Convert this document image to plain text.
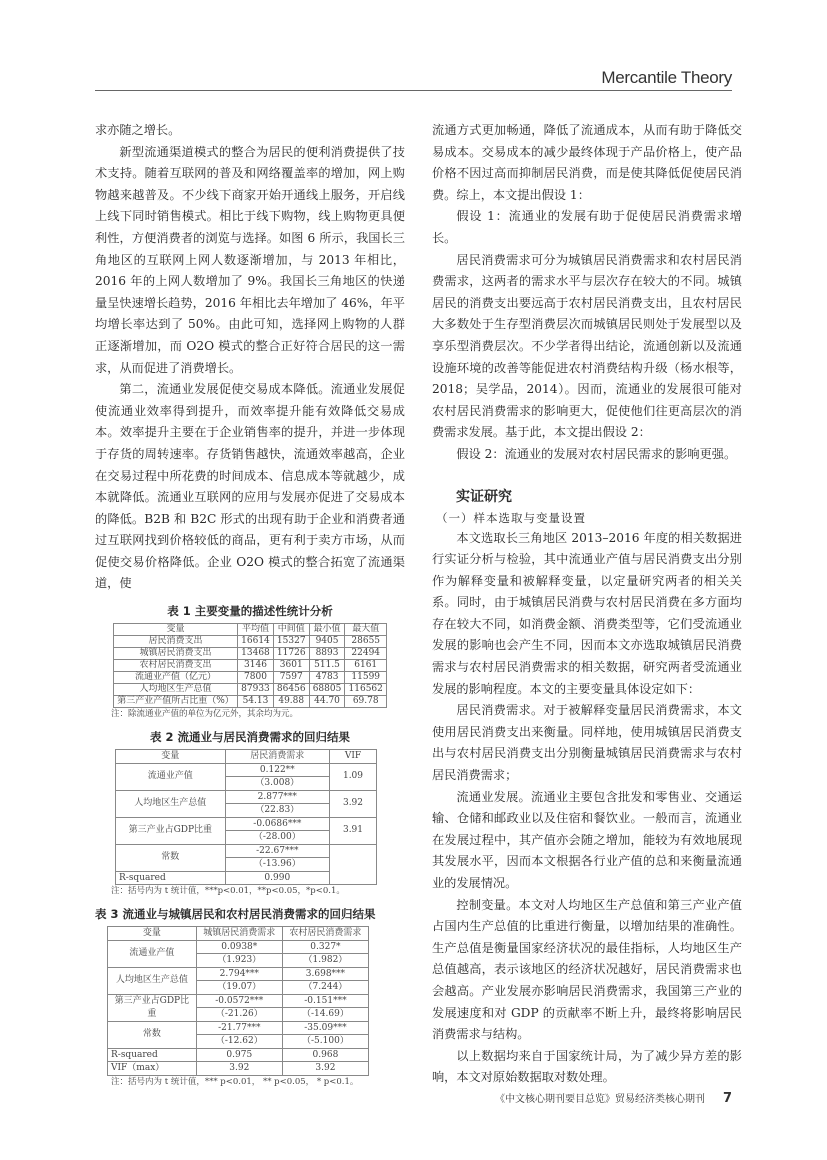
Mercantile Theory

求亦随之增长。

新型流通渠道模式的整合为居民的便利消费提供了技术支持。随着互联网的普及和网络覆盖率的增加，网上购物越来越普及。不少线下商家开始开通线上服务，开启线上线下同时销售模式。相比于线下购物，线上购物更具便利性，方便消费者的浏览与选择。如图 6 所示，我国长三角地区的互联网上网人数逐渐增加，与 2013 年相比，2016 年的上网人数增加了 9%。我国长三角地区的快递量呈快速增长趋势，2016 年相比去年增加了 46%，年平均增长率达到了 50%。由此可知，选择网上购物的人群正逐渐增加，而 O2O 模式的整合正好符合居民的这一需求，从而促进了消费增长。

第二，流通业发展促使交易成本降低。流通业发展促使流通业效率得到提升，而效率提升能有效降低交易成本。效率提升主要在于企业销售率的提升，并进一步体现于存货的周转速率。存货销售越快，流通效率越高，企业在交易过程中所花费的时间成本、信息成本等就越少，成本就降低。流通业互联网的应用与发展亦促进了交易成本的降低。B2B 和 B2C 形式的出现有助于企业和消费者通过互联网找到价格较低的商品，更有利于卖方市场，从而促使交易价格降低。企业 O2O 模式的整合拓宽了流通渠道，使

表 1 主要变量的描述性统计分析
变量	平均值	中间值	最小值	最大值
居民消费支出	16614	15327	9405	28655
城镇居民消费支出	13468	11726	8893	22494
农村居民消费支出	3146	3601	511.5	6161
流通业产值（亿元）	7800	7597	4783	11599
人均地区生产总值	87933	86456	68805	116562
第三产业产值所占比重（%）	54.13	49.88	44.70	69.78
注：除流通业产值的单位为亿元外，其余均为元。
表 2 流通业与居民消费需求的回归结果
变量	居民消费需求	VIF
流通业产值	0.122**	1.09
	（3.008）	
人均地区生产总值	2.877***	3.92
	（22.83）	
第三产业占GDP比重	-0.0686***	3.91
	（-28.00）	
常数	-22.67***	
	（-13.96）	
R-squared	0.990	
注：括号内为 t 统计值，***p<0.01，**p<0.05，*p<0.1。
表 3 流通业与城镇居民和农村居民消费需求的回归结果
变量	城镇居民消费需求	农村居民消费需求
流通业产值	0.0938*	0.327*
	（1.923）	（1.982）
人均地区生产总值	2.794***	3.698***
	（19.07）	（7.244）
第三产业占GDP比重	-0.0572***	-0.151***
	（-21.26）	（-14.69）
常数	-21.77***	-35.09***
	（-12.62）	（-5.100）
R-squared	0.975	0.968
VIF（max）	3.92	3.92
注：括号内为 t 统计值，*** p<0.01， ** p<0.05， * p<0.1。

流通方式更加畅通，降低了流通成本，从而有助于降低交易成本。交易成本的减少最终体现于产品价格上，使产品价格不因过高而抑制居民消费，而是使其降低促使居民消费。综上，本文提出假设 1：

假设 1：流通业的发展有助于促使居民消费需求增长。

居民消费需求可分为城镇居民消费需求和农村居民消费需求，这两者的需求水平与层次存在较大的不同。城镇居民的消费支出要远高于农村居民消费支出，且农村居民大多数处于生存型消费层次而城镇居民则处于发展型以及享乐型消费层次。不少学者得出结论，流通创新以及流通设施环境的改善等能促进农村消费结构升级（杨水根等，2018；吴学品，2014）。因而，流通业的发展很可能对农村居民消费需求的影响更大，促使他们往更高层次的消费需求发展。基于此，本文提出假设 2：

假设 2：流通业的发展对农村居民需求的影响更强。

实证研究
（一）样本选取与变量设置

本文选取长三角地区 2013–2016 年度的相关数据进行实证分析与检验，其中流通业产值与居民消费支出分别作为解释变量和被解释变量，以定量研究两者的相关关系。同时，由于城镇居民消费与农村居民消费在多方面均存在较大不同，如消费金额、消费类型等，它们受流通业发展的影响也会产生不同，因而本文亦选取城镇居民消费需求与农村居民消费需求的相关数据，研究两者受流通业发展的影响程度。本文的主要变量具体设定如下：

居民消费需求。对于被解释变量居民消费需求，本文使用居民消费支出来衡量。同样地，使用城镇居民消费支出与农村居民消费支出分别衡量城镇居民消费需求与农村居民消费需求；

流通业发展。流通业主要包含批发和零售业、交通运输、仓储和邮政业以及住宿和餐饮业。一般而言，流通业在发展过程中，其产值亦会随之增加，能较为有效地展现其发展水平，因而本文根据各行业产值的总和来衡量流通业的发展情况。

控制变量。本文对人均地区生产总值和第三产业产值占国内生产总值的比重进行衡量，以增加结果的准确性。生产总值是衡量国家经济状况的最佳指标，人均地区生产总值越高，表示该地区的经济状况越好，居民消费需求也会越高。产业发展亦影响居民消费需求，我国第三产业的发展速度和对 GDP 的贡献率不断上升，最终将影响居民消费需求与结构。

以上数据均来自于国家统计局，为了减少异方差的影响，本文对原始数据取对数处理。

《中文核心期刊要目总览》贸易经济类核心期刊 7
